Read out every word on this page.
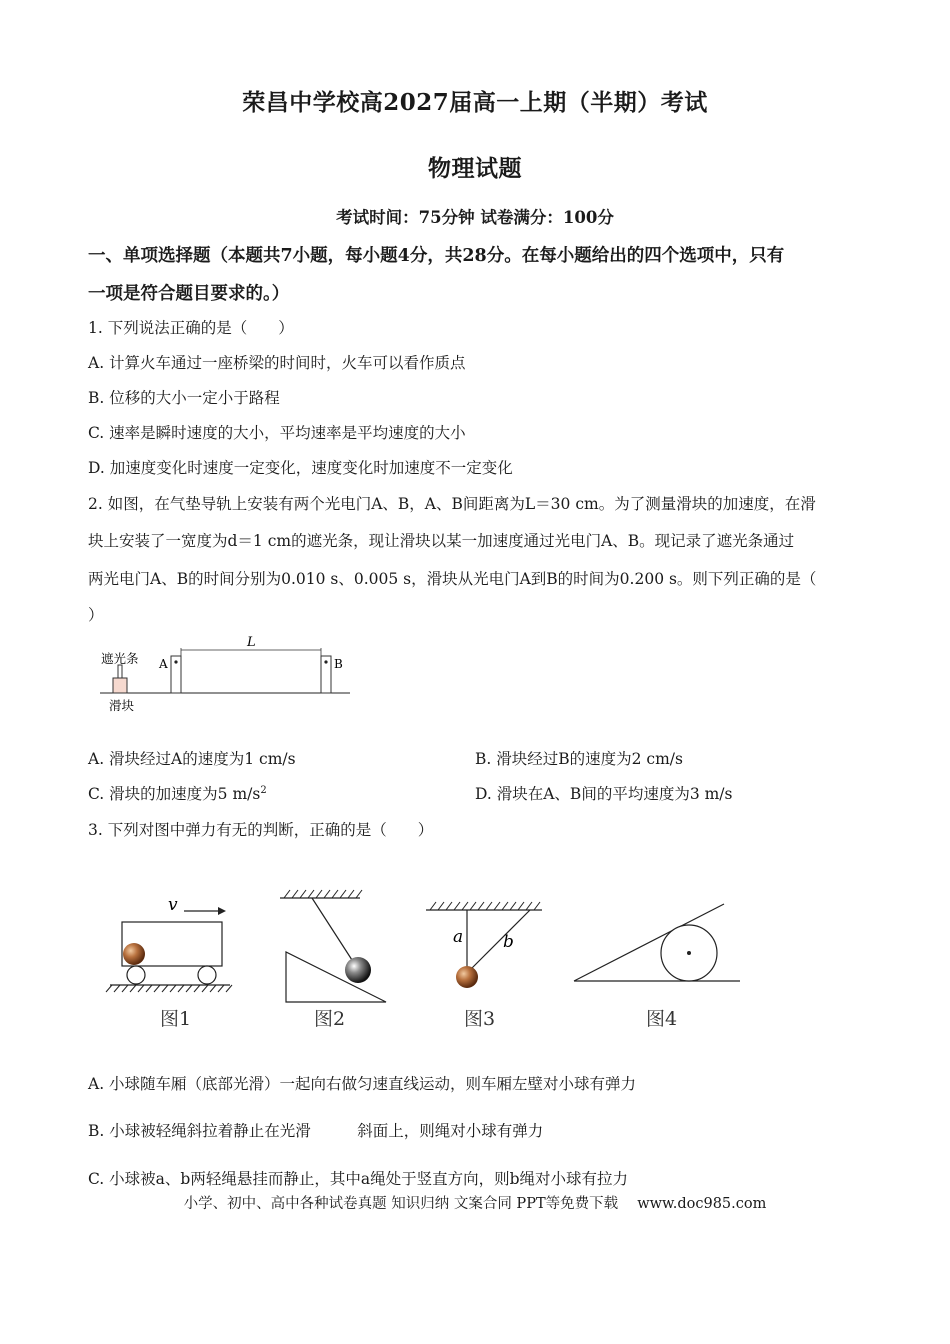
荣昌中学校高2027届高一上期（半期）考试
物理试题
考试时间：75分钟 试卷满分：100分
一、单项选择题（本题共7小题，每小题4分，共28分。在每小题给出的四个选项中，只有
一项是符合题目要求的。）
1. 下列说法正确的是（　　）
A. 计算火车通过一座桥梁的时间时，火车可以看作质点
B. 位移的大小一定小于路程
C. 速率是瞬时速度的大小，平均速率是平均速度的大小
D. 加速度变化时速度一定变化，速度变化时加速度不一定变化
2. 如图，在气垫导轨上安装有两个光电门A、B，A、B间距离为L＝30 cm。为了测量滑块的加速度，在滑
块上安装了一宽度为d＝1 cm的遮光条，现让滑块以某一加速度通过光电门A、B。现记录了遮光条通过
两光电门A、B的时间分别为0.010 s、0.005 s，滑块从光电门A到B的时间为0.200 s。则下列正确的是（
）
L
A	B
遮光条
滑块
A. 滑块经过A的速度为1 cm/s	B. 滑块经过B的速度为2 cm/s
C. 滑块的加速度为5 $m/s^2$	D. 滑块在A、B间的平均速度为3 m/s
3. 下列对图中弹力有无的判断，正确的是（　　）
v
图1	图2
a b
图3	图4
A. 小球随车厢（底部光滑）一起向右做匀速直线运动，则车厢左壁对小球有弹力
B. 小球被轻绳斜拉着静止在光滑　　　斜面上，则绳对小球有弹力
C. 小球被a、b两轻绳悬挂而静止，其中a绳处于竖直方向，则b绳对小球有拉力
小学、初中、高中各种试卷真题 知识归纳 文案合同 PPT等免费下载　 www.doc985.com
